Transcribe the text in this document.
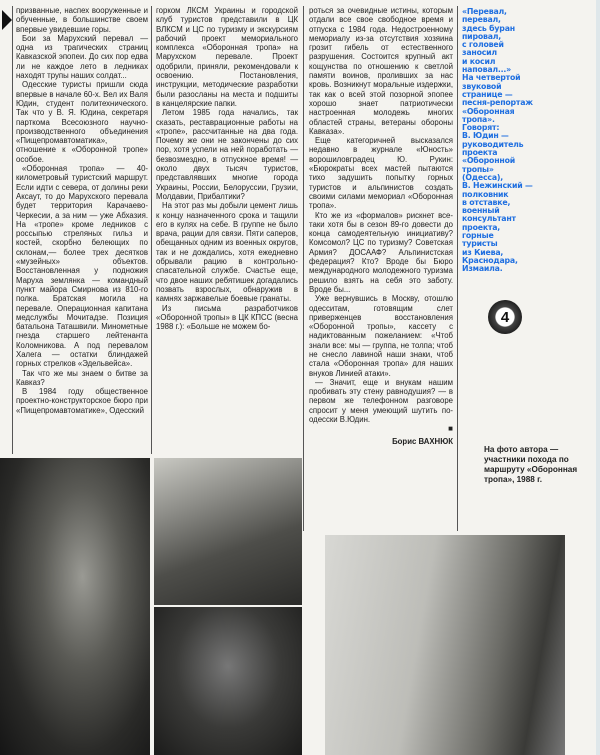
призванные, наспех вооруженные и обученные, в большинстве своем впервые увидевшие горы.

Бои за Марухский перевал — одна из трагических страниц Кавказской эпопеи. До сих пор едва ли не каждое лето в ледниках находят трупы наших солдат...

Одесские туристы пришли сюда впервые в начале 60-х. Вел их Валя Юдин, студент политехнического. Так что у В. Я. Юдина, секретаря парткома Всесоюзного научно-производственного объединения «Пищепромавтоматика», отношение к «Оборонной тропе» особое.

«Оборонная тропа» — 40-километровый туристский маршрут. Если идти с севера, от долины реки Аксаут, то до Марухского перевала будет территория Карачаево-Черкесии, а за ним — уже Абхазия. На «тропе» кроме ледников с россыпью стреляных гильз и костей, скорбно белеющих по склонам,— более трех десятков «музейных» объектов. Восстановленная у подножия Маруха землянка — командный пункт майора Смирнова из 810-го полка. Братская могила на перевале. Операционная капитана медслужбы Мочитадзе. Позиция батальона Таташвили. Минометные гнезда старшего лейтенанта Коломникова. А под перевалом Халега — остатки блиндажей горных стрелков «Эдельвейса».

Так что же мы знаем о битве за Кавказ?

В 1984 году общественное проектно-конструкторское бюро при «Пищепромавтоматике», Одесский

горком ЛКСМ Украины и городской клуб туристов представили в ЦК ВЛКСМ и ЦС по туризму и экскурсиям рабочий проект мемориального комплекса «Оборонная тропа» на Марухском перевале. Проект одобрили, приняли, рекомендовали к освоению. Постановления, инструкции, методические разработки были разосланы на места и подшиты в канцелярские папки.

Летом 1985 года начались, так сказать, реставрационные работы на «тропе», рассчитанные на два года. Почему же они не закончены до сих пор, хотя успели на ней поработать — безвозмездно, в отпускное время! — около двух тысяч туристов, представлявших многие города Украины, России, Белоруссии, Грузии, Молдавии, Прибалтики?

На этот раз мы добыли цемент лишь к концу назначенного срока и тащили его в кулях на себе. В группе не было врача, рации для связи. Пяти саперов, обещанных одним из военных округов, так и не дождались, хотя ежедневно обрывали рацию в контрольно-спасательной службе. Счастье еще, что двое наших ребятишек догадались позвать взрослых, обнаружив в камнях заржавелые боевые гранаты.

Из письма разработчиков «Оборонной тропы» в ЦК КПСС (весна 1988 г.): «Больше не можем бо-

роться за очевидные истины, которым отдали все свое свободное время и отпуска с 1984 года. Недостроенному мемориалу из-за отсутствия хозяина грозит гибель от естественного разрушения. Состоится крупный акт кощунства по отношению к светлой памяти воинов, проливших за нас кровь. Возникнут моральные издержки, так как о всей этой позорной эпопее хорошо знает патриотически настроенная молодежь многих областей страны, ветераны обороны Кавказа».

Еще категоричней высказался недавно в журнале «Юность» ворошиловградец Ю. Рукин: «Бюрократы всех мастей пытаются тихо задушить попытку горных туристов и альпинистов создать своими силами мемориал «Оборонная тропа».

Кто же из «формалов» рискнет все-таки хотя бы в сезон 89-го довести до конца самодеятельную инициативу? Комсомол? ЦС по туризму? Советская Армия? ДОСААФ? Альпинистская федерация? Кто? Вроде бы Бюро международного молодежного туризма решило взять на себя это заботу. Вроде бы...

Уже вернувшись в Москву, отошлю одесситам, готовящим слет приверженцев восстановления «Оборонной тропы», кассету с надиктованным пожеланием: «Чтоб знали все: мы — группа, не толпа; чтоб не снесло лавиной наши знаки, чтоб стала «Оборонная тропа» для наших внуков Линией атаки».

— Значит, еще и внукам нашим пробивать эту стену равнодушия? — в первом же телефонном разговоре спросит у меня умеющий шутить по-одесски В.Юдин.

■
Борис ВАХНЮК
«Перевал,
перевал,
здесь буран
пировал,
с головей
заносил
и косил
наповал...»
На четвертой
звуковой
странице —
песня-репортаж
«Оборонная
тропа».
Говорят:
В. Юдин —
руководитель
проекта
«Оборонной
тропы»
(Одесса),
В. Нежинский —
полковник
в отставке,
военный
консультант
проекта,
горные
туристы
из Киева,
Краснодара,
Измаила.
4
На фото автора — участники похода по маршруту «Оборонная тропа», 1988 г.
